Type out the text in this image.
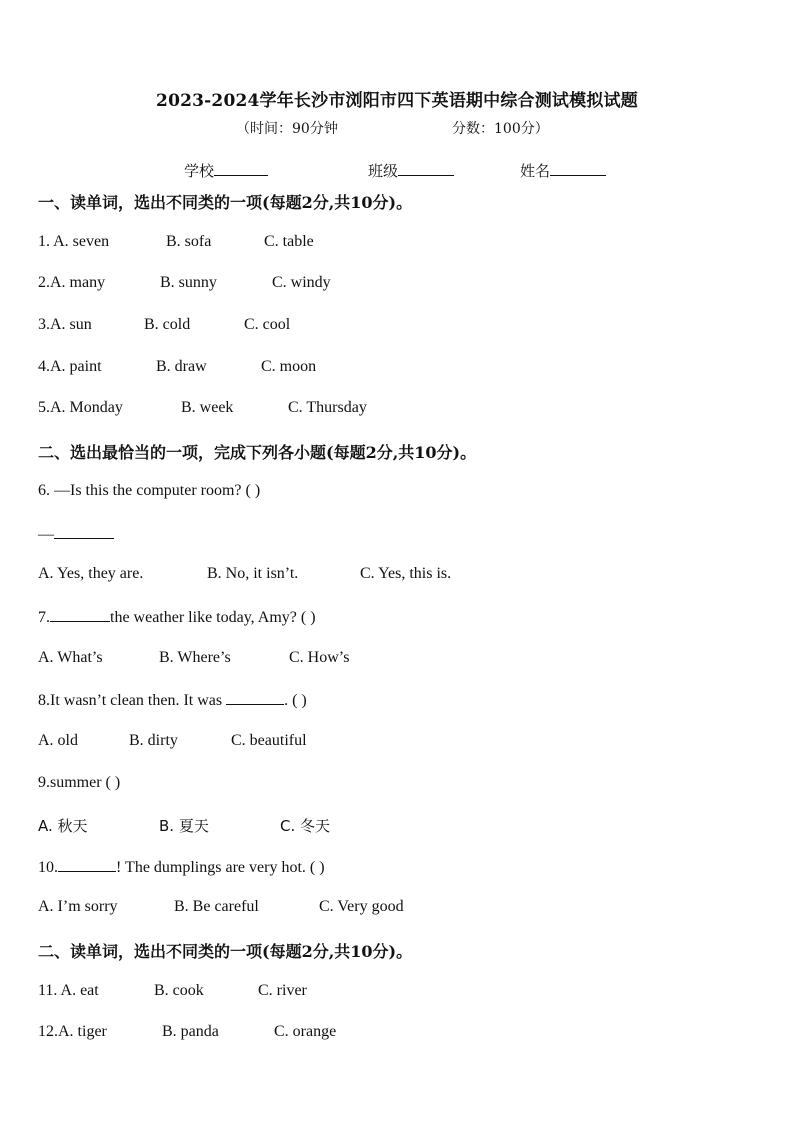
2023-2024学年长沙市浏阳市四下英语期中综合测试模拟试题
（时间：90分钟	分数：100分）
学校	班级	姓名
一、读单词，选出不同类的一项(每题2分,共10分)。
1. A. seven	B. sofa	C. table
2.A. many	B. sunny	C. windy
3.A. sun	B. cold	C. cool
4.A. paint	B. draw	C. moon
5.A. Monday	B. week	C. Thursday
二、选出最恰当的一项，完成下列各小题(每题2分,共10分)。
6. —Is this the computer room? ( )
—
A. Yes, they are.	B. No, it isn’t.	C. Yes, this is.
7.	the weather like today, Amy? ( )
A. What’s	B. Where’s	C. How’s
8.It wasn’t clean then. It was	. ( )
A. old	B. dirty	C. beautiful
9.summer ( )
A. 秋天	B. 夏天	C. 冬天
10.	! The dumplings are very hot. ( )
A. I’m sorry	B. Be careful	C. Very good
二、读单词，选出不同类的一项(每题2分,共10分)。
11. A. eat	B. cook	C. river
12.A. tiger	B. panda	C. orange
